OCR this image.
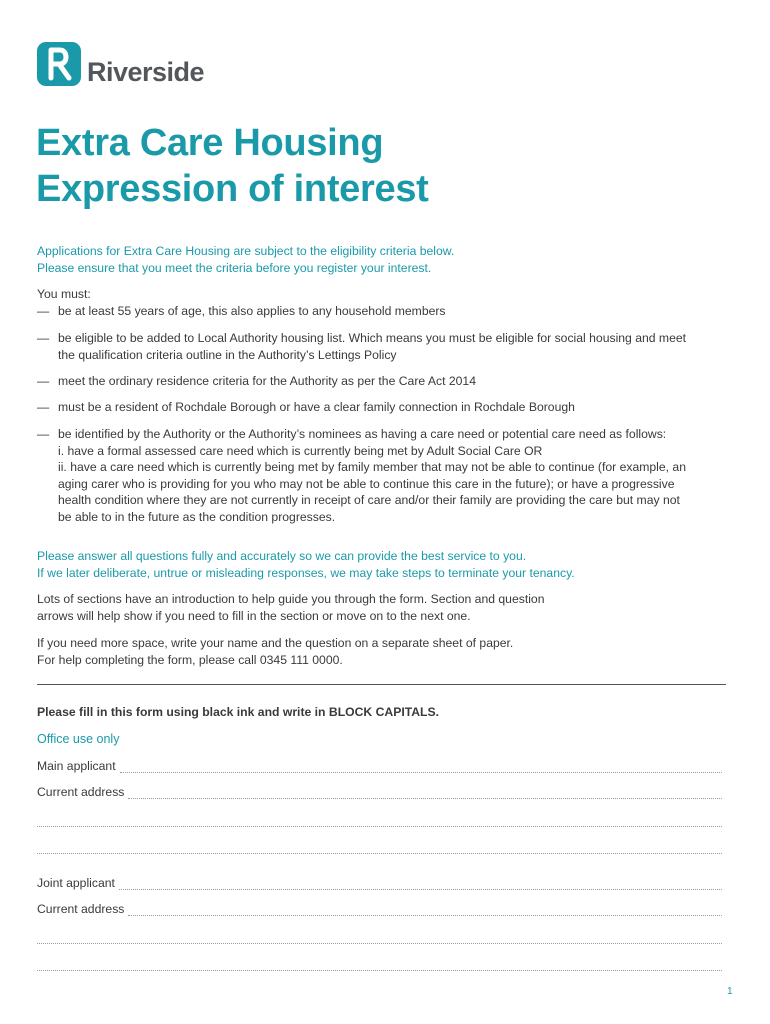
Riverside
Extra Care Housing
Expression of interest
Applications for Extra Care Housing are subject to the eligibility criteria below.
Please ensure that you meet the criteria before you register your interest.
You must:
— be at least 55 years of age, this also applies to any household members
— be eligible to be added to Local Authority housing list. Which means you must be eligible for social housing and meet
the qualification criteria outline in the Authority’s Lettings Policy
— meet the ordinary residence criteria for the Authority as per the Care Act 2014
— must be a resident of Rochdale Borough or have a clear family connection in Rochdale Borough
— be identified by the Authority or the Authority’s nominees as having a care need or potential care need as follows:
i. have a formal assessed care need which is currently being met by Adult Social Care OR
ii. have a care need which is currently being met by family member that may not be able to continue (for example, an
aging carer who is providing for you who may not be able to continue this care in the future); or have a progressive
health condition where they are not currently in receipt of care and/or their family are providing the care but may not
be able to in the future as the condition progresses.
Please answer all questions fully and accurately so we can provide the best service to you.
If we later deliberate, untrue or misleading responses, we may take steps to terminate your tenancy.
Lots of sections have an introduction to help guide you through the form. Section and question
arrows will help show if you need to fill in the section or move on to the next one.
If you need more space, write your name and the question on a separate sheet of paper.
For help completing the form, please call 0345 111 0000.
Please fill in this form using black ink and write in BLOCK CAPITALS.
Office use only
Main applicant
Current address
Joint applicant
Current address
1
